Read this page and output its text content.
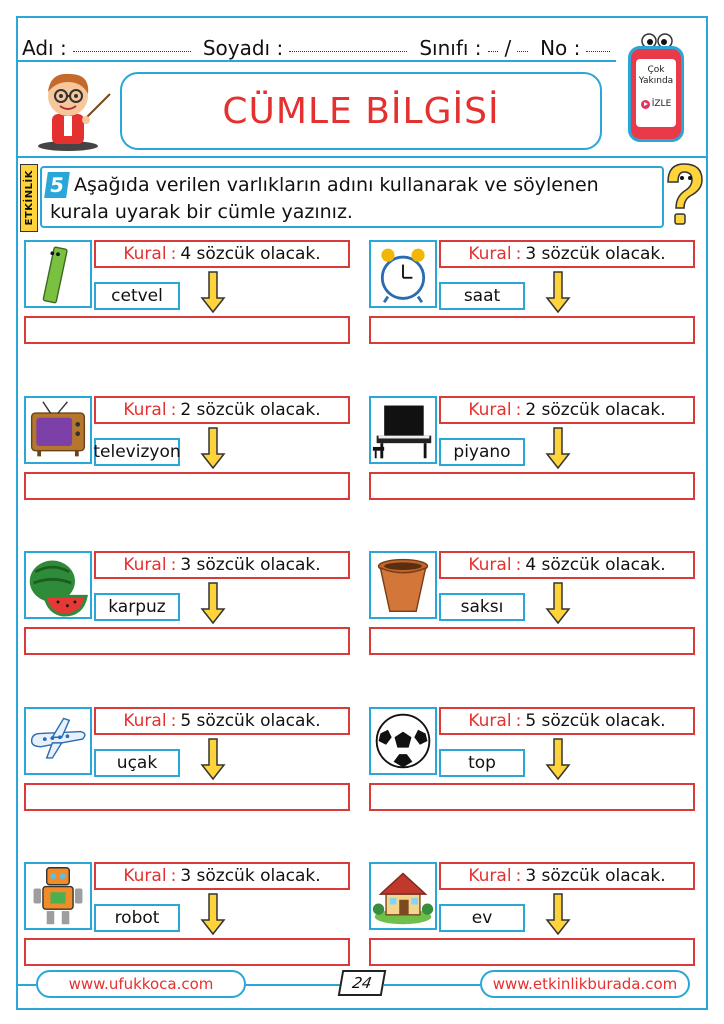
Adı :	Soyadı :	Sınıfı : / No :
CÜMLE BİLGİSİ
Çok
Yakında
İZLE
ETKİNLİK 5 Aşağıda verilen varlıkların adını kullanarak ve söylenen kurala uyarak bir cümle yazınız.
Kural : 4 sözcük olacak.
cetvel
Kural : 3 sözcük olacak.
saat
Kural : 2 sözcük olacak.
televizyon
Kural : 2 sözcük olacak.
piyano
Kural : 3 sözcük olacak.
karpuz
Kural : 4 sözcük olacak.
saksı
Kural : 5 sözcük olacak.
uçak
Kural : 5 sözcük olacak.
top
Kural : 3 sözcük olacak.
robot
Kural : 3 sözcük olacak.
ev
www.ufukkoca.com	24	www.etkinlikburada.com
